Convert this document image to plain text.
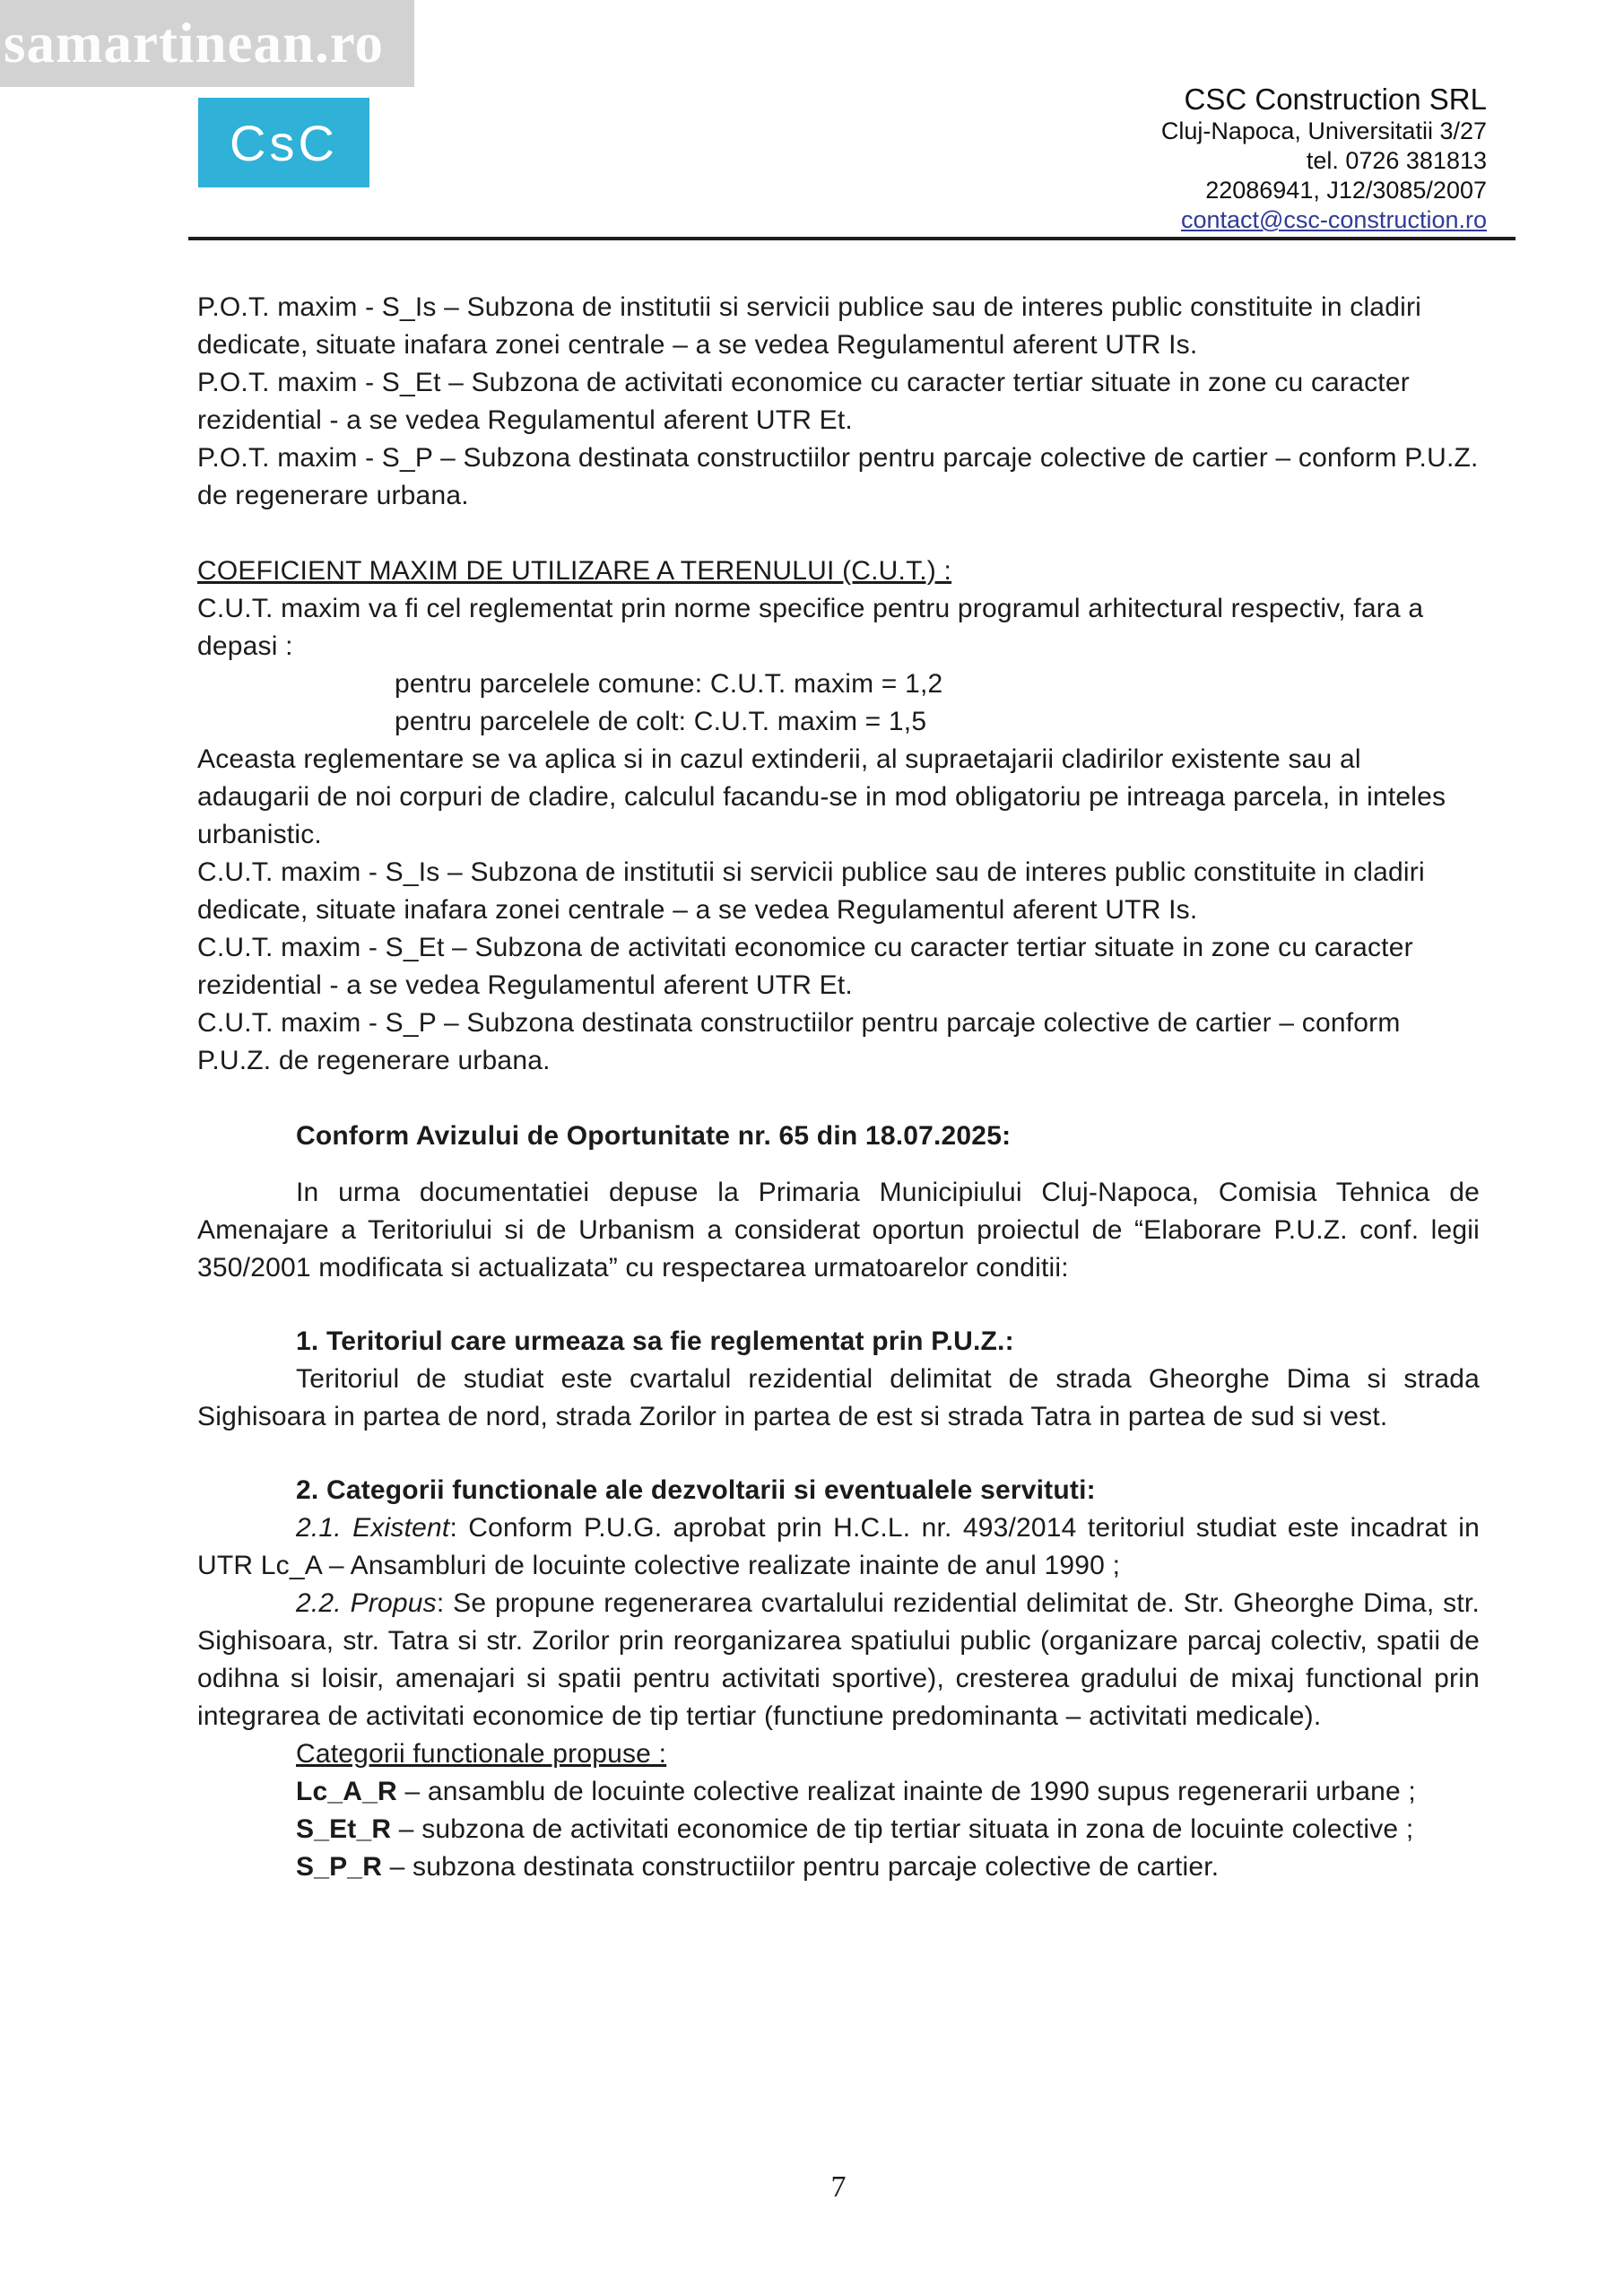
samartinean.ro
CsC
CSC Construction SRL
Cluj-Napoca, Universitatii 3/27
tel. 0726 381813
22086941, J12/3085/2007
contact@csc-construction.ro

P.O.T. maxim - S_Is – Subzona de institutii si servicii publice sau de interes public constituite in cladiri dedicate, situate inafara zonei centrale – a se vedea Regulamentul aferent UTR Is.

P.O.T. maxim - S_Et – Subzona de activitati economice cu caracter tertiar situate in zone cu caracter rezidential - a se vedea Regulamentul aferent UTR Et.

P.O.T. maxim - S_P – Subzona destinata constructiilor pentru parcaje colective de cartier – conform P.U.Z. de regenerare urbana.

COEFICIENT MAXIM DE UTILIZARE A TERENULUI (C.U.T.) :

C.U.T. maxim va fi cel reglementat prin norme specifice pentru programul arhitectural respectiv, fara a depasi :

pentru parcelele comune: C.U.T. maxim = 1,2

pentru parcelele de colt: C.U.T. maxim = 1,5

Aceasta reglementare se va aplica si in cazul extinderii, al supraetajarii cladirilor existente sau al adaugarii de noi corpuri de cladire, calculul facandu-se in mod obligatoriu pe intreaga parcela, in inteles urbanistic.

C.U.T. maxim - S_Is – Subzona de institutii si servicii publice sau de interes public constituite in cladiri dedicate, situate inafara zonei centrale – a se vedea Regulamentul aferent UTR Is.

C.U.T. maxim - S_Et – Subzona de activitati economice cu caracter tertiar situate in zone cu caracter rezidential - a se vedea Regulamentul aferent UTR Et.

C.U.T. maxim - S_P – Subzona destinata constructiilor pentru parcaje colective de cartier – conform P.U.Z. de regenerare urbana.

Conform Avizului de Oportunitate nr. 65 din 18.07.2025:

In urma documentatiei depuse la Primaria Municipiului Cluj-Napoca, Comisia Tehnica de Amenajare a Teritoriului si de Urbanism a considerat oportun proiectul de “Elaborare P.U.Z. conf. legii 350/2001 modificata si actualizata” cu respectarea urmatoarelor conditii:

1. Teritoriul care urmeaza sa fie reglementat prin P.U.Z.:

Teritoriul de studiat este cvartalul rezidential delimitat de strada Gheorghe Dima si strada Sighisoara in partea de nord, strada Zorilor in partea de est si strada Tatra in partea de sud si vest.

2. Categorii functionale ale dezvoltarii si eventualele servituti:

2.1. Existent: Conform P.U.G. aprobat prin H.C.L. nr. 493/2014 teritoriul studiat este incadrat in UTR Lc_A – Ansambluri de locuinte colective realizate inainte de anul 1990 ;

2.2. Propus: Se propune regenerarea cvartalului rezidential delimitat de. Str. Gheorghe Dima, str. Sighisoara, str. Tatra si str. Zorilor prin reorganizarea spatiului public (organizare parcaj colectiv, spatii de odihna si loisir, amenajari si spatii pentru activitati sportive), cresterea gradului de mixaj functional prin integrarea de activitati economice de tip tertiar (functiune predominanta – activitati medicale).

Categorii functionale propuse :

Lc_A_R – ansamblu de locuinte colective realizat inainte de 1990 supus regenerarii urbane ;

S_Et_R – subzona de activitati economice de tip tertiar situata in zona de locuinte colective ;

S_P_R – subzona destinata constructiilor pentru parcaje colective de cartier.

7
